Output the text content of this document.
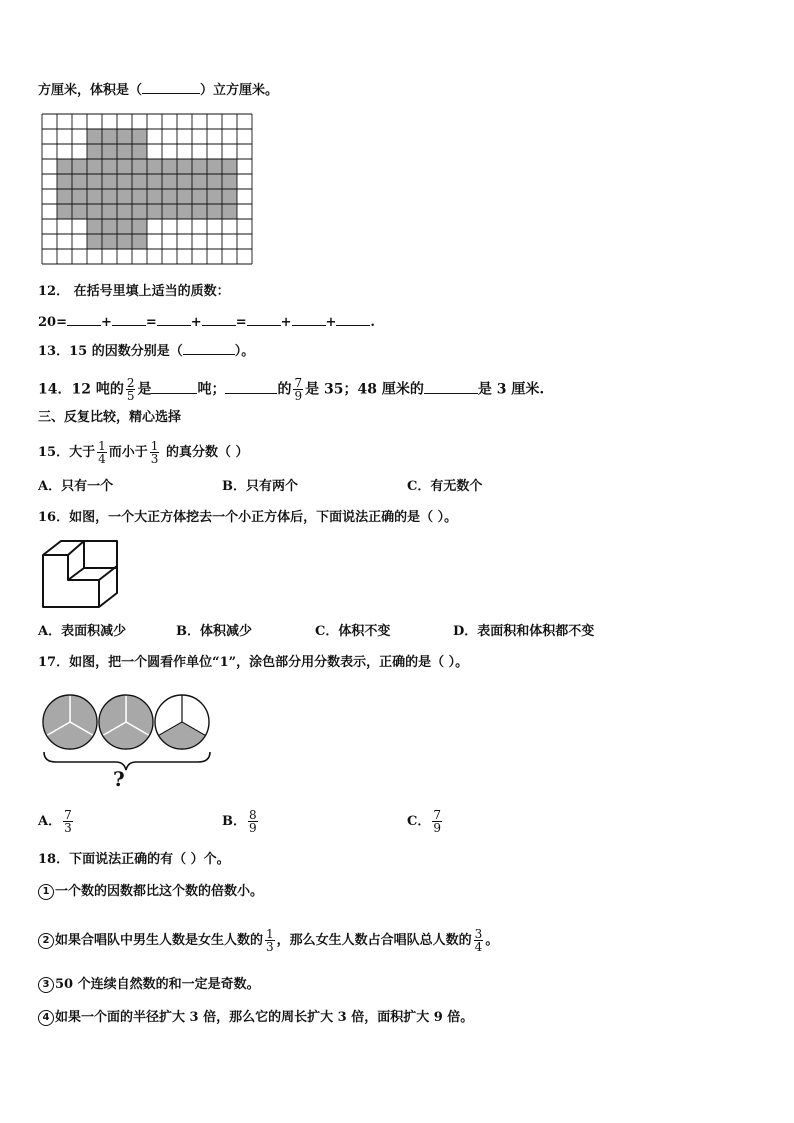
方厘米，体积是（	）立方厘米。
12． 在括号里填上适当的质数：
20=	+	=	+	=	+	+	.
13．15 的因数分别是（	）。
14．12 吨的 $\frac{2}{5}$ 是	吨；	的 $\frac{7}{9}$ 是 35；48 厘米的	是 3 厘米.
三、反复比较，精心选择
15．大于 $\frac{1}{4}$ 而小于 $\frac{1}{3}$ 的真分数（ ）
A．只有一个	B．只有两个	C．有无数个
16．如图，一个大正方体挖去一个小正方体后，下面说法正确的是（ ）。
A．表面积减少	B．体积减少	C．体积不变	D．表面积和体积都不变
17．如图，把一个圆看作单位“1”，涂色部分用分数表示，正确的是（ ）。
?
A． $\frac{7}{3}$	B． $\frac{8}{9}$	C． $\frac{7}{9}$
18．下面说法正确的有（ ）个。
1 一个数的因数都比这个数的倍数小。
2 如果合唱队中男生人数是女生人数的 $\frac{1}{3}$ ，那么女生人数占合唱队总人数的 $\frac{3}{4}$ 。
3 50 个连续自然数的和一定是奇数。
4 如果一个面的半径扩大 3 倍，那么它的周长扩大 3 倍，面积扩大 9 倍。
